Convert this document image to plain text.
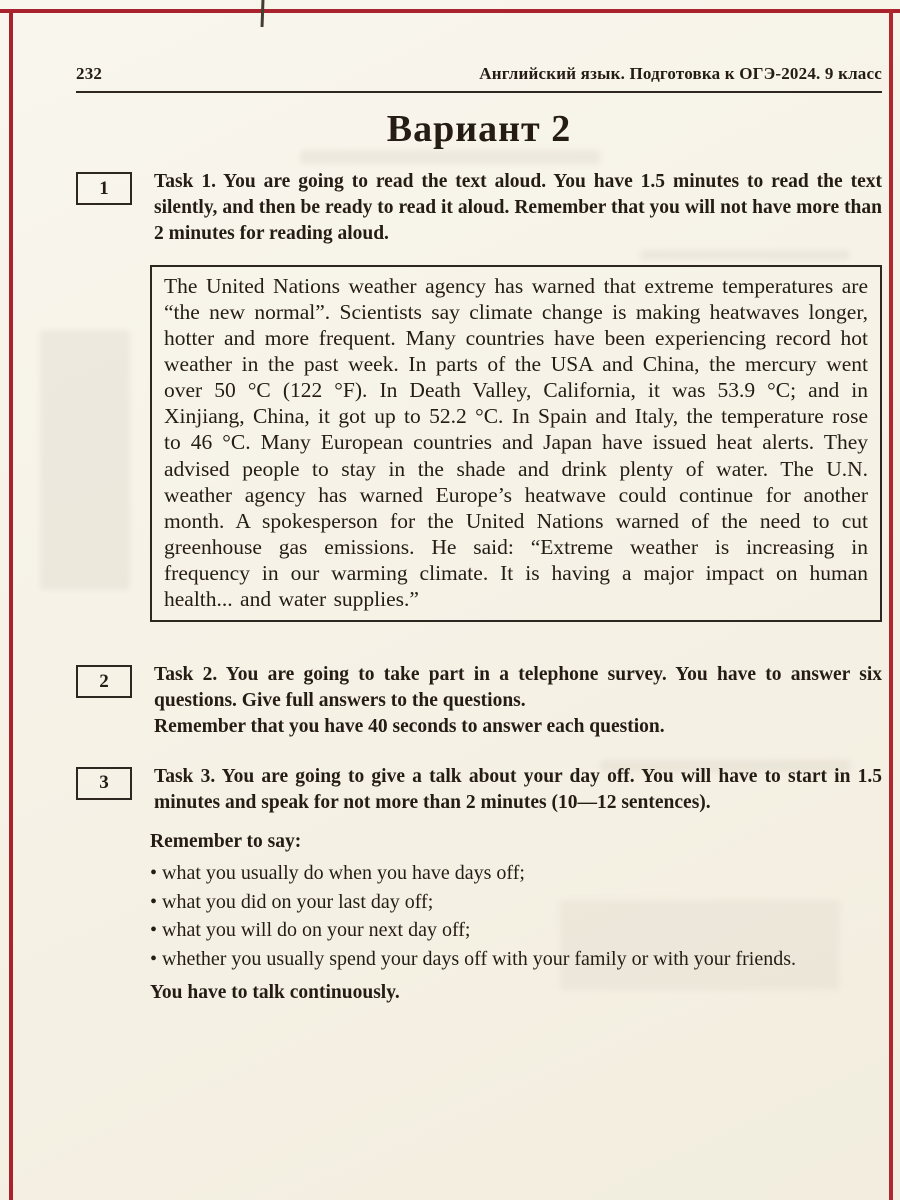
232	Английский язык. Подготовка к ОГЭ-2024. 9 класс
Вариант 2
1	Task 1. You are going to read the text aloud. You have 1.5 minutes to read the text silently, and then be ready to read it aloud. Remember that you will not have more than 2 minutes for reading aloud.

The United Nations weather agency has warned that extreme temperatures are “the new normal”. Scientists say climate change is making heatwaves longer, hotter and more frequent. Many countries have been experiencing record hot weather in the past week. In parts of the USA and China, the mercury went over 50 °C (122 °F). In Death Valley, California, it was 53.9 °C; and in Xinjiang, China, it got up to 52.2 °C. In Spain and Italy, the temperature rose to 46 °C. Many European countries and Japan have issued heat alerts. They advised people to stay in the shade and drink plenty of water. The U.N. weather agency has warned Europe’s heatwave could continue for another month. A spokesperson for the United Nations warned of the need to cut greenhouse gas emissions. He said: “Extreme weather is increasing in frequency in our warming climate. It is having a major impact on human health... and water supplies.”
2	Task 2. You are going to take part in a telephone survey. You have to answer six questions. Give full answers to the questions.

Remember that you have 40 seconds to answer each question.

3	Task 3. You are going to give a talk about your day off. You will have to start in 1.5 minutes and speak for not more than 2 minutes (10—12 sentences).

Remember to say:

• what you usually do when you have days off;
• what you did on your last day off;
• what you will do on your next day off;
• whether you usually spend your days off with your family or with your friends.

You have to talk continuously.
